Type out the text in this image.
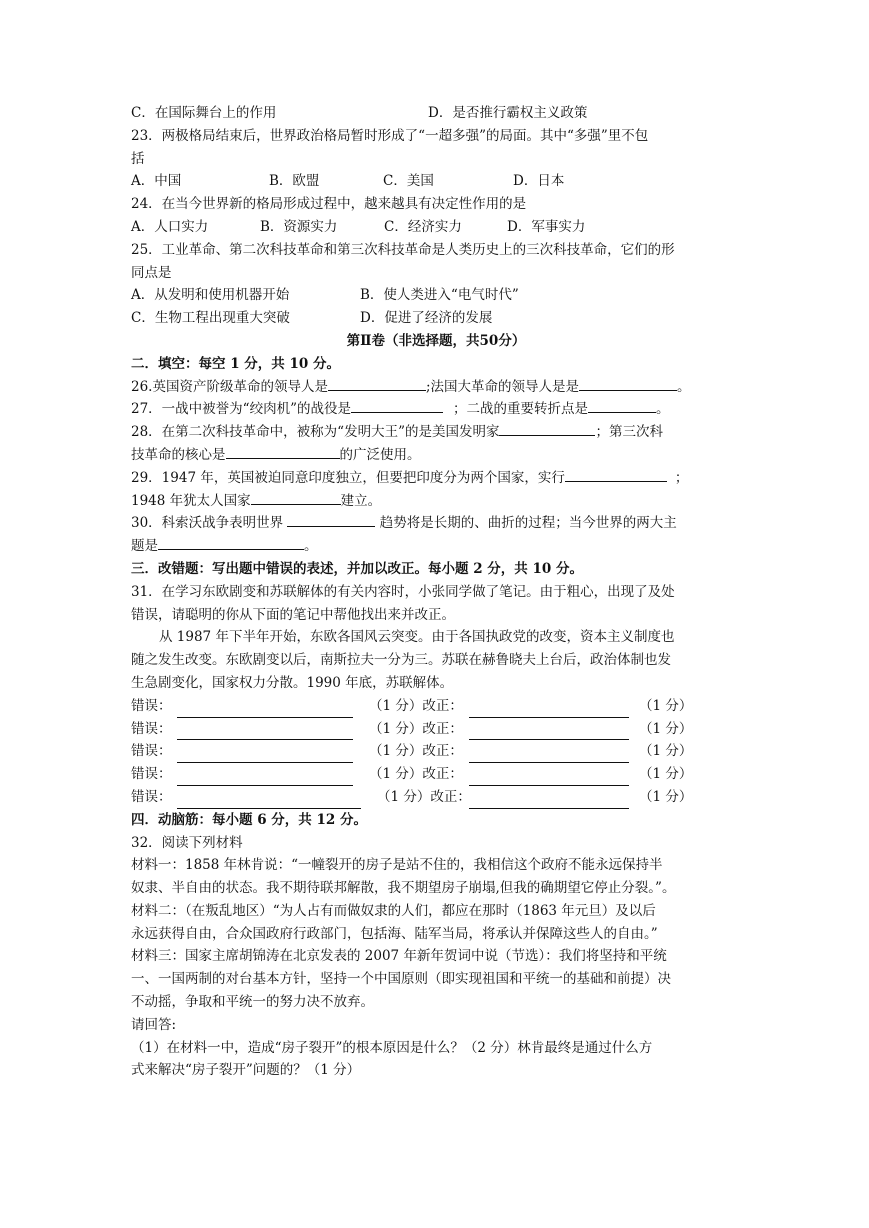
C．在国际舞台上的作用	D．是否推行霸权主义政策
23．两极格局结束后，世界政治格局暂时形成了“一超多强”的局面。其中“多强”里不包
括
A．中国	B．欧盟	C．美国	D．日本
24．在当今世界新的格局形成过程中，越来越具有决定性作用的是
A．人口实力	B．资源实力	C．经济实力	D．军事实力
25．工业革命、第二次科技革命和第三次科技革命是人类历史上的三次科技革命，它们的形
同点是
A．从发明和使用机器开始	B．使人类进入“电气时代”
C．生物工程出现重大突破	D．促进了经济的发展
第Ⅱ卷（非选择题，共50分）
二．填空：每空 1 分，共 10 分。
26.英国资产阶级革命的领导人是	;法国大革命的领导人是是	。
27．一战中被誉为“绞肉机”的战役是	；二战的重要转折点是	。
28．在第二次科技革命中，被称为“发明大王”的是美国发明家	；第三次科
技革命的核心是	的广泛使用。
29．1947 年，英国被迫同意印度独立，但要把印度分为两个国家，实行	；
1948 年犹太人国家	建立。
30．科索沃战争表明世界	趋势将是长期的、曲折的过程；当今世界的两大主
题是	。
三．改错题：写出题中错误的表述，并加以改正。每小题 2 分，共 10 分。
31．在学习东欧剧变和苏联解体的有关内容时，小张同学做了笔记。由于粗心，出现了及处
错误，请聪明的你从下面的笔记中帮他找出来并改正。
从 1987 年下半年开始，东欧各国风云突变。由于各国执政党的改变，资本主义制度也
随之发生改变。东欧剧变以后，南斯拉夫一分为三。苏联在赫鲁晓夫上台后，政治体制也发
生急剧变化，国家权力分散。1990 年底，苏联解体。
错误：	（1 分）改正：	（1 分）
错误：	（1 分）改正：	（1 分）
错误：	（1 分）改正：	（1 分）
错误：	（1 分）改正：	（1 分）
错误：	（1 分）改正：	（1 分）
四．动脑筋：每小题 6 分，共 12 分。
32．阅读下列材料
材料一：1858 年林肯说：“一幢裂开的房子是站不住的，我相信这个政府不能永远保持半
奴隶、半自由的状态。我不期待联邦解散，我不期望房子崩塌,但我的确期望它停止分裂。”。
材料二：（在叛乱地区）“为人占有而做奴隶的人们，都应在那时（1863 年元旦）及以后
永远获得自由，合众国政府行政部门，包括海、陆军当局，将承认并保障这些人的自由。”
材料三：国家主席胡锦涛在北京发表的 2007 年新年贺词中说（节选）：我们将坚持和平统
一、一国两制的对台基本方针，坚持一个中国原则（即实现祖国和平统一的基础和前提）决
不动摇，争取和平统一的努力决不放弃。
请回答:
（1）在材料一中，造成“房子裂开”的根本原因是什么？（2 分）林肯最终是通过什么方
式来解决“房子裂开”问题的？（1 分）
